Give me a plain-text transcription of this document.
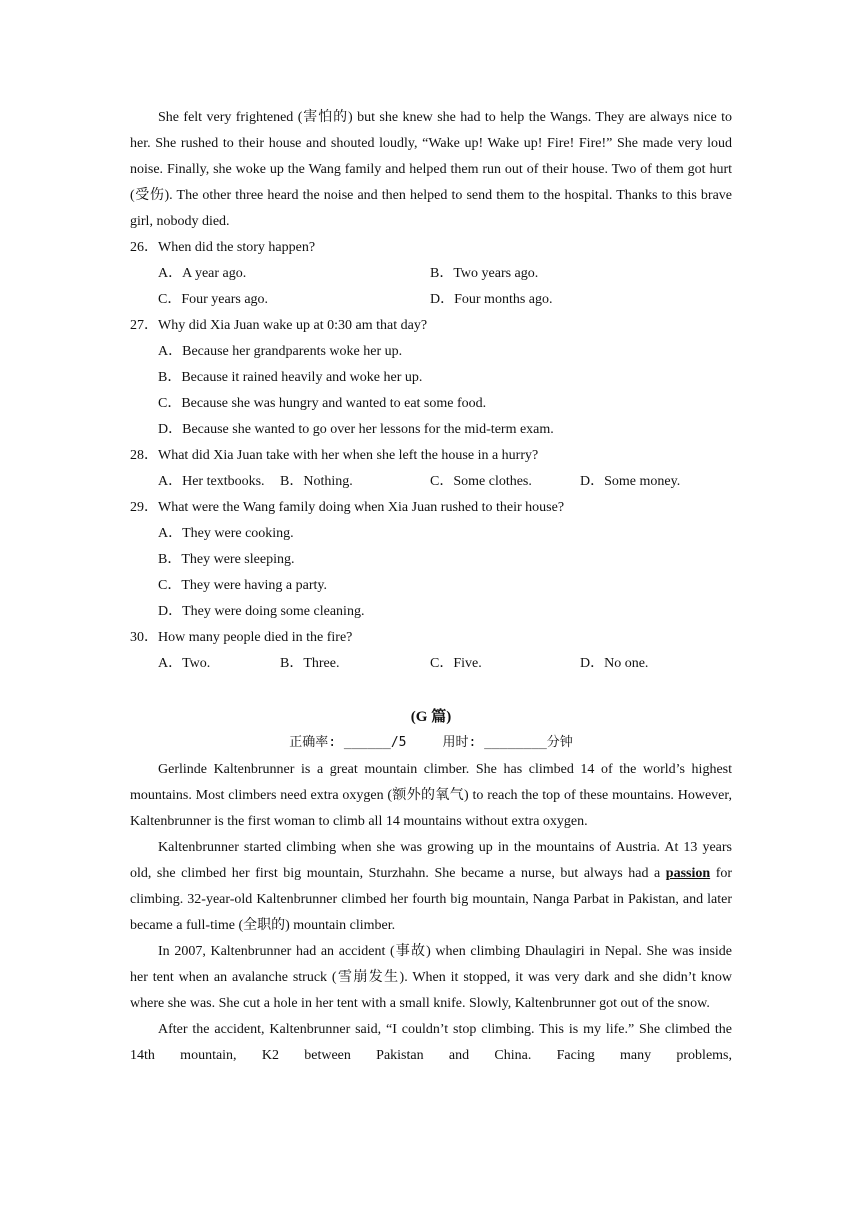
She felt very frightened (害怕的) but she knew she had to help the Wangs. They are always nice to her. She rushed to their house and shouted loudly, “Wake up! Wake up! Fire! Fire!” She made very loud noise. Finally, she woke up the Wang family and helped them run out of their house. Two of them got hurt (受伤). The other three heard the noise and then helped to send them to the hospital. Thanks to this brave girl, nobody died.

26．When did the story happen?

A．A year ago.	B．Two years ago.
C．Four years ago.	D．Four months ago.

27．Why did Xia Juan wake up at 0:30 am that day?

A．Because her grandparents woke her up.

B．Because it rained heavily and woke her up.

C．Because she was hungry and wanted to eat some food.

D．Because she wanted to go over her lessons for the mid-term exam.

28．What did Xia Juan take with her when she left the house in a hurry?

A．Her textbooks.	B．Nothing.	C．Some clothes.	D．Some money.

29．What were the Wang family doing when Xia Juan rushed to their house?

A．They were cooking.

B．They were sleeping.

C．They were having a party.

D．They were doing some cleaning.

30．How many people died in the fire?

A．Two.	B．Three.	C．Five.	D．No one.

(G 篇)

正确率: ______/5	用时: ________分钟

Gerlinde Kaltenbrunner is a great mountain climber. She has climbed 14 of the world’s highest mountains. Most climbers need extra oxygen (额外的氧气) to reach the top of these mountains. However, Kaltenbrunner is the first woman to climb all 14 mountains without extra oxygen.

Kaltenbrunner started climbing when she was growing up in the mountains of Austria. At 13 years old, she climbed her first big mountain, Sturzhahn. She became a nurse, but always had a passion for climbing. 32-year-old Kaltenbrunner climbed her fourth big mountain, Nanga Parbat in Pakistan, and later became a full-time (全职的) mountain climber.

In 2007, Kaltenbrunner had an accident (事故) when climbing Dhaulagiri in Nepal. She was inside her tent when an avalanche struck (雪崩发生). When it stopped, it was very dark and she didn’t know where she was. She cut a hole in her tent with a small knife. Slowly, Kaltenbrunner got out of the snow.

After the accident, Kaltenbrunner said, “I couldn’t stop climbing. This is my life.” She climbed the 14th mountain, K2 between Pakistan and China. Facing many problems,
